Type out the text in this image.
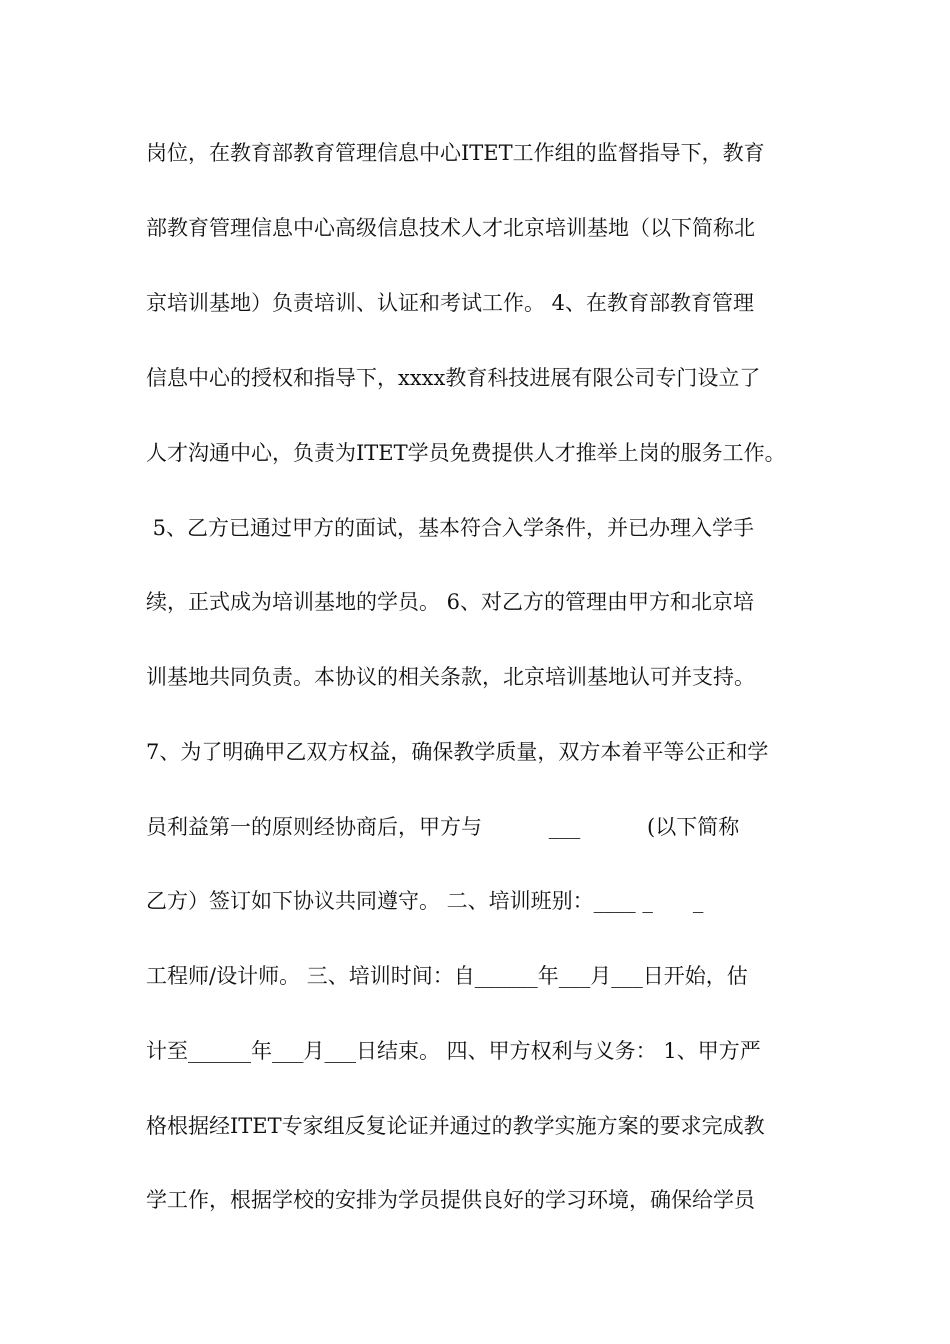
岗位，在教育部教育管理信息中心ITET工作组的监督指导下，教育
部教育管理信息中心高级信息技术人才北京培训基地（以下简称北
京培训基地）负责培训、认证和考试工作。 4、在教育部教育管理
信息中心的授权和指导下，xxxx教育科技进展有限公司专门设立了
人才沟通中心，负责为ITET学员免费提供人才推举上岗的服务工作。
5、乙方已通过甲方的面试，基本符合入学条件，并已办理入学手
续，正式成为培训基地的学员。 6、对乙方的管理由甲方和北京培
训基地共同负责。本协议的相关条款，北京培训基地认可并支持。
7、为了明确甲乙双方权益，确保教学质量，双方本着平等公正和学
员利益第一的原则经协商后，甲方与          ___          (以下简称
乙方）签订如下协议共同遵守。 二、培训班别：____ _      _
工程师/设计师。 三、培训时间：自______年___月___日开始，估
计至______年___月___日结束。 四、甲方权利与义务： 1、甲方严
格根据经ITET专家组反复论证并通过的教学实施方案的要求完成教
学工作，根据学校的安排为学员提供良好的学习环境，确保给学员
